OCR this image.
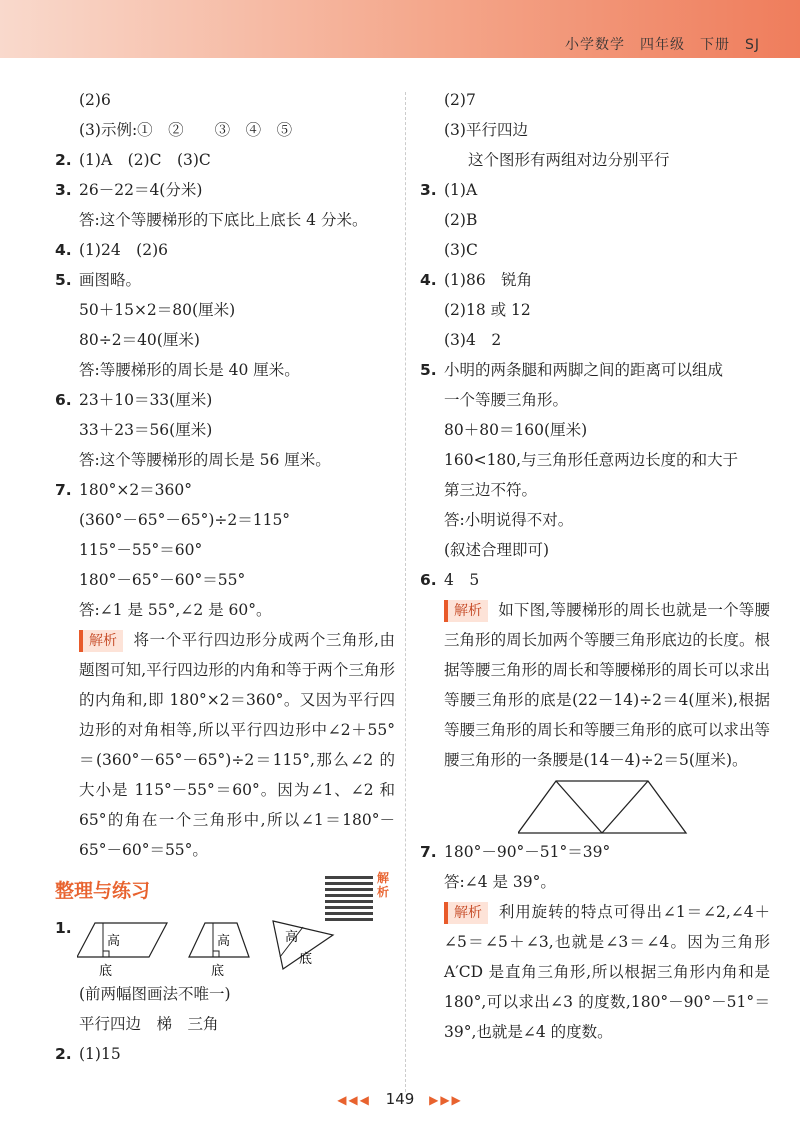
小学数学　四年级　下册　SJ
(2)6
(3)示例:①　②　　③　④　⑤
2. (1)A　(2)C　(3)C
3. 26－22＝4(分米)
答:这个等腰梯形的下底比上底长 4 分米。
4. (1)24　(2)6
5. 画图略。
50＋15×2＝80(厘米)
80÷2＝40(厘米)
答:等腰梯形的周长是 40 厘米。
6. 23＋10＝33(厘米)
33＋23＝56(厘米)
答:这个等腰梯形的周长是 56 厘米。
7. 180°×2＝360°
(360°－65°－65°)÷2＝115°
115°－55°＝60°
180°－65°－60°＝55°
答:∠1 是 55°,∠2 是 60°。
解析 将一个平行四边形分成两个三角形,由题图可知,平行四边形的内角和等于两个三角形的内角和,即 180°×2＝360°。又因为平行四边形的对角相等,所以平行四边形中∠2＋55°＝(360°－65°－65°)÷2＝115°,那么∠2 的大小是 115°－55°＝60°。因为∠1、∠2 和 65°的角在一个三角形中,所以∠1＝180°－65°－60°＝55°。
整理与练习
解析
1.
高
底
高
底
高
底
(前两幅图画法不唯一)
平行四边　梯　三角
2. (1)15
(2)7
(3)平行四边
这个图形有两组对边分别平行
3. (1)A
(2)B
(3)C
4. (1)86　锐角
(2)18 或 12
(3)4　2
5. 小明的两条腿和两脚之间的距离可以组成
一个等腰三角形。
80＋80＝160(厘米)
160<180,与三角形任意两边长度的和大于
第三边不符。
答:小明说得不对。
(叙述合理即可)
6. 4　5
解析 如下图,等腰梯形的周长也就是一个等腰三角形的周长加两个等腰三角形底边的长度。根据等腰三角形的周长和等腰梯形的周长可以求出等腰三角形的底是(22－14)÷2＝4(厘米),根据等腰三角形的周长和等腰三角形的底可以求出等腰三角形的一条腰是(14－4)÷2＝5(厘米)。
7. 180°－90°－51°＝39°
答:∠4 是 39°。
解析 利用旋转的特点可得出∠1＝∠2,∠4＋∠5＝∠5＋∠3,也就是∠3＝∠4。因为三角形 A′CD 是直角三角形,所以根据三角形内角和是 180°,可以求出∠3 的度数,180°－90°－51°＝39°,也就是∠4 的度数。
◀◀◀ 149 ▶▶▶
